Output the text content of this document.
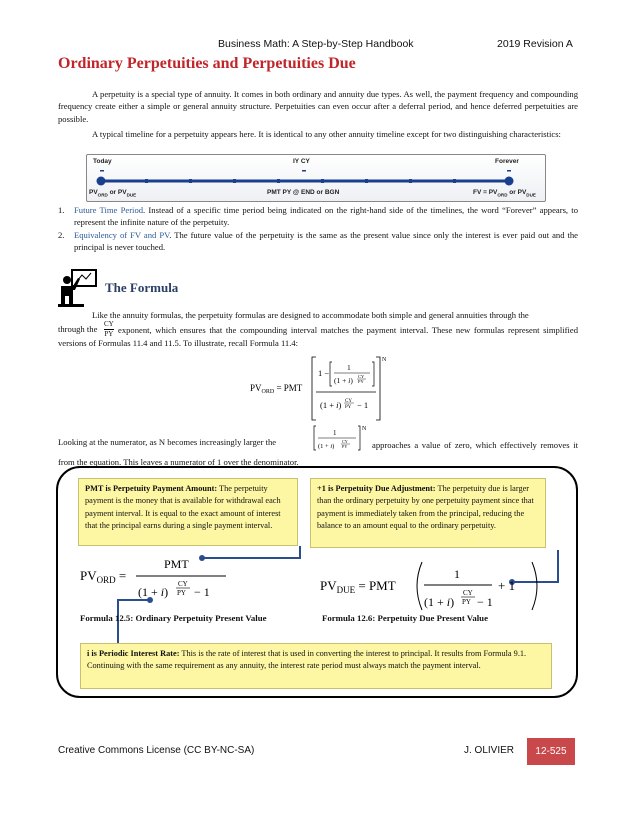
Business Math: A Step-by-Step Handbook	2019 Revision A
Ordinary Perpetuities and Perpetuities Due

A perpetuity is a special type of annuity. It comes in both ordinary and annuity due types. As well, the payment frequency and compounding frequency create either a simple or general annuity structure. Perpetuities can even occur after a deferral period, and hence deferred perpetuities are possible.

A typical timeline for a perpetuity appears here. It is identical to any other annuity timeline except for two distinguishing characteristics:

Today	IY CY	Forever
$PV_{ORD}$ or $PV_{DUE}$	PMT PY @ END or BGN	FV = $PV_{ORD}$ or $PV_{DUE}$
1. Future Time Period. Instead of a specific time period being indicated on the right-hand side of the timelines, the word “Forever” appears, to represent the infinite nature of the perpetuity.
2. Equivalency of FV and PV. The future value of the perpetuity is the same as the present value since only the interest is ever paid out and the principal is never touched.
The Formula
Like the annuity formulas, the perpetuity formulas are designed to accommodate both simple and general annuities through the
through the CY
PY exponent, which ensures that the compounding interval matches the payment interval. These new formulas represent simplified versions of Formulas 11.4 and 11.5. To illustrate, recall Formula 11.4:
$PV_{ORD}$ = PMT
N
1 −
1
(1 + i) CY
PY
(1 + i) CY
PY − 1
Looking at the numerator, as N becomes increasingly larger the
N
1
(1 + i)
CY
PY	approaches a value of zero, which effectively removes it from the equation. This leaves a numerator of 1 over the denominator.
PMT is Perpetuity Payment Amount: The perpetuity payment is the money that is available for withdrawal each payment interval. It is equal to the exact amount of interest that the principal earns during a single payment interval.
+1 is Perpetuity Due Adjustment: The perpetuity due is larger than the ordinary perpetuity by one perpetuity payment since that payment is immediately taken from the principal, reducing the balance to an amount equal to the ordinary perpetuity.
$PV_{ORD}$ =
PMT
(1 + i)
CY
PY − 1	$PV_{DUE}$ = PMT
1
(1 + i)
CY
PY − 1
+ 1
Formula 12.5: Ordinary Perpetuity Present Value	Formula 12.6: Perpetuity Due Present Value
i is Periodic Interest Rate: This is the rate of interest that is used in converting the interest to principal. It results from Formula 9.1. Continuing with the same requirement as any annuity, the interest rate period must always match the payment interval.
Creative Commons License (CC BY-NC-SA)	J. OLIVIER	12-525
